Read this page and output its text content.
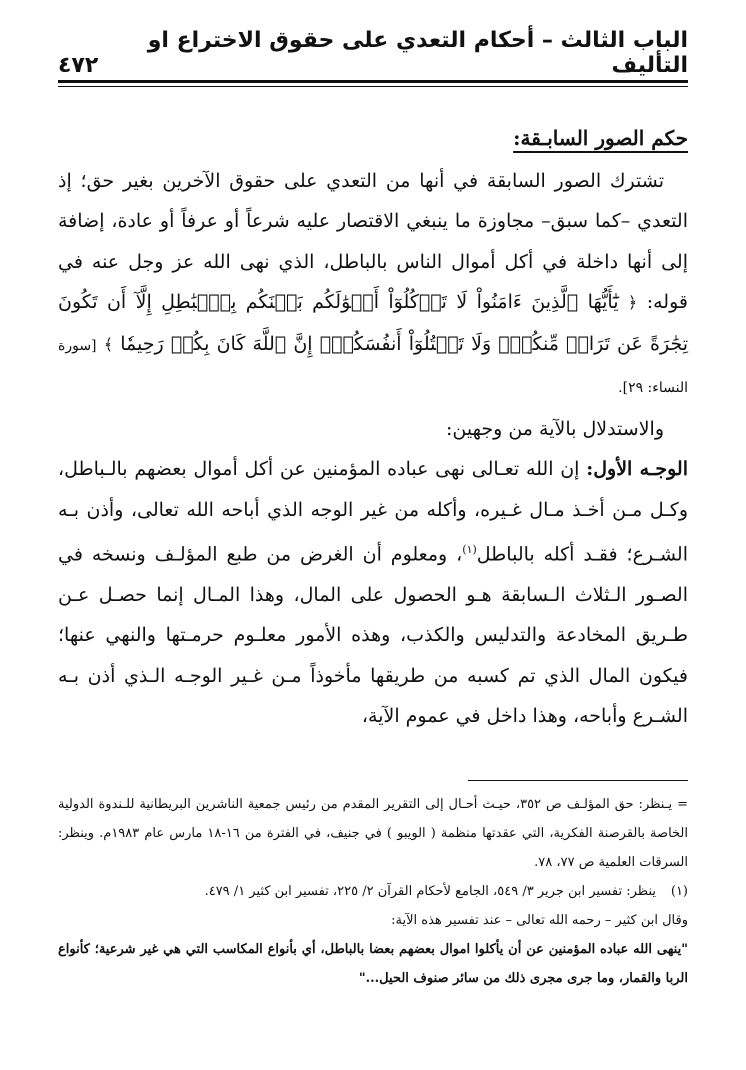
الباب الثالث – أحكام التعدي على حقوق الاختراع او التأليف
٤٧٢
حكم الصور السابـقة:

تشترك الصور السابقة في أنها من التعدي على حقوق الآخرين بغير حق؛ إذ التعدي –كما سبق– مجاوزة ما ينبغي الاقتصار عليه شرعاً أو عرفاً أو عادة، إضافة إلى أنها داخلة في أكل أموال الناس بالباطل، الذي نهى الله عز وجل عنه في قوله: ﴿ يَٰٓأَيُّهَا ٱلَّذِينَ ءَامَنُواْ لَا تَأۡكُلُوٓاْ أَمۡوَٰلَكُم بَيۡنَكُم بِٱلۡبَٰطِلِ إِلَّآ أَن تَكُونَ تِجَٰرَةً عَن تَرَاضٖ مِّنكُمۡۚ وَلَا تَقۡتُلُوٓاْ أَنفُسَكُمۡۚ إِنَّ ٱللَّهَ كَانَ بِكُمۡ رَحِيمٗا ﴾ [سورة النساء: ٢٩].

والاستدلال بالآية من وجهين:

الوجـه الأول: إن الله تعـالى نهى عباده المؤمنين عن أكل أموال بعضهم بالـباطل، وكـل مـن أخـذ مـال غـيره، وأكله من غير الوجه الذي أباحه الله تعالى، وأذن بـه الشـرع؛ فقـد أكله بالباطل$^{(١)}$، ومعلوم أن الغرض من طبع المؤلـف ونسخه في الصـور الـثلاث الـسابقة هـو الحصول على المال، وهذا المـال إنما حصـل عـن طـريق المخادعة والتدليس والكذب، وهذه الأمور معلـوم حرمـتها والنهي عنها؛ فيكون المال الذي تم كسبه من طريقها مأخوذاً مـن غـير الوجـه الـذي أذن بـه الشـرع وأباحه، وهذا داخل في عموم الآية،

= يـنظر: حق المؤلـف ص ٣٥٢، حيـث أحـال إلى التقرير المقدم من رئيس جمعية الناشرين البريطانية للـندوة الدولية الخاصة بالقرصنة الفكرية، التي عقدتها منظمة ( الويبو ) في جنيف، في الفترة من ١٦-١٨ مارس عام ١٩٨٣م. وينظر: السرقات العلمية ص ٧٧، ٧٨.

(١)
ينظر: تفسير ابن جرير ٣/ ٥٤٩، الجامع لأحكام القرآن ٢/ ٢٢٥، تفسير ابن كثير ١/ ٤٧٩.

وقال ابن كثير – رحمه الله تعالى – عند تفسير هذه الآية:

"ينهى الله عباده المؤمنين عن أن يأكلوا اموال بعضهم بعضا بالباطل، أي بأنواع المكاسب التي هي غير شرعية؛ كأنواع الربا والقمار، وما جرى مجرى ذلك من سائر صنوف الحيل..."
